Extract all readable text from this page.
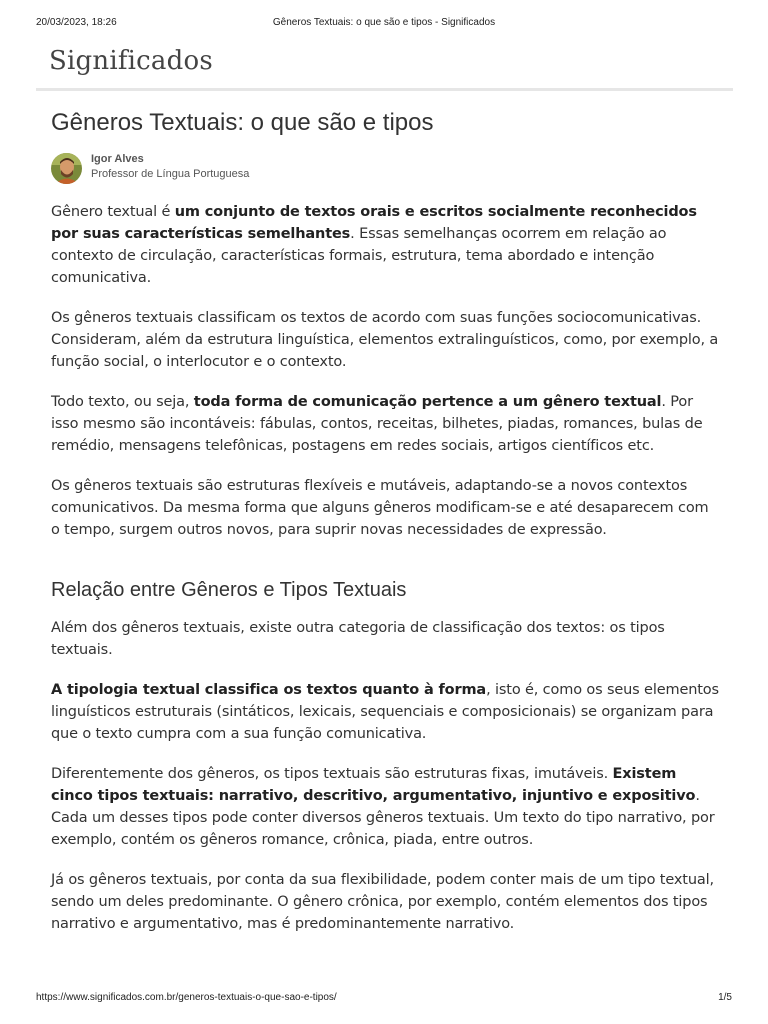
20/03/2023, 18:26	Gêneros Textuais: o que são e tipos - Significados
Significados
Gêneros Textuais: o que são e tipos
Igor Alves
Professor de Língua Portuguesa

Gênero textual é um conjunto de textos orais e escritos socialmente reconhecidos por suas características semelhantes. Essas semelhanças ocorrem em relação ao contexto de circulação, características formais, estrutura, tema abordado e intenção comunicativa.

Os gêneros textuais classificam os textos de acordo com suas funções sociocomunicativas. Consideram, além da estrutura linguística, elementos extralinguísticos, como, por exemplo, a função social, o interlocutor e o contexto.

Todo texto, ou seja, toda forma de comunicação pertence a um gênero textual. Por isso mesmo são incontáveis: fábulas, contos, receitas, bilhetes, piadas, romances, bulas de remédio, mensagens telefônicas, postagens em redes sociais, artigos científicos etc.

Os gêneros textuais são estruturas flexíveis e mutáveis, adaptando-se a novos contextos comunicativos. Da mesma forma que alguns gêneros modificam-se e até desaparecem com o tempo, surgem outros novos, para suprir novas necessidades de expressão.

Relação entre Gêneros e Tipos Textuais

Além dos gêneros textuais, existe outra categoria de classificação dos textos: os tipos textuais.

A tipologia textual classifica os textos quanto à forma, isto é, como os seus elementos linguísticos estruturais (sintáticos, lexicais, sequenciais e composicionais) se organizam para que o texto cumpra com a sua função comunicativa.

Diferentemente dos gêneros, os tipos textuais são estruturas fixas, imutáveis. Existem cinco tipos textuais: narrativo, descritivo, argumentativo, injuntivo e expositivo. Cada um desses tipos pode conter diversos gêneros textuais. Um texto do tipo narrativo, por exemplo, contém os gêneros romance, crônica, piada, entre outros.

Já os gêneros textuais, por conta da sua flexibilidade, podem conter mais de um tipo textual, sendo um deles predominante. O gênero crônica, por exemplo, contém elementos dos tipos narrativo e argumentativo, mas é predominantemente narrativo.

https://www.significados.com.br/generos-textuais-o-que-sao-e-tipos/	1/5
